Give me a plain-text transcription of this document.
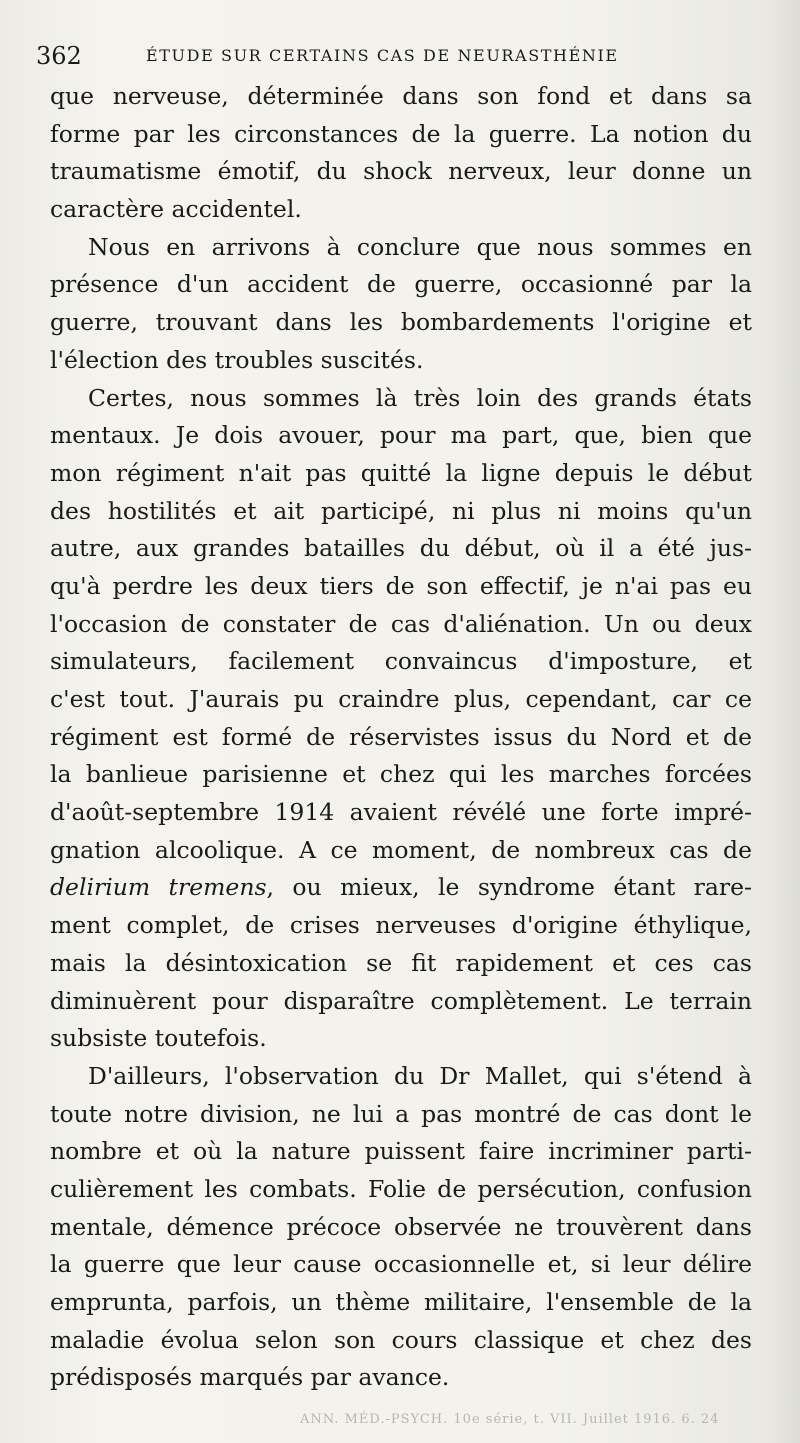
362	ÉTUDE SUR CERTAINS CAS DE NEURASTHÉNIE
que nerveuse, déterminée dans son fond et dans sa
forme par les circonstances de la guerre. La notion du
traumatisme émotif, du shock nerveux, leur donne un
caractère accidentel.
Nous en arrivons à conclure que nous sommes en
présence d'un accident de guerre, occasionné par la
guerre, trouvant dans les bombardements l'origine et
l'élection des troubles suscités.
Certes, nous sommes là très loin des grands états
mentaux. Je dois avouer, pour ma part, que, bien que
mon régiment n'ait pas quitté la ligne depuis le début
des hostilités et ait participé, ni plus ni moins qu'un
autre, aux grandes batailles du début, où il a été jus-
qu'à perdre les deux tiers de son effectif, je n'ai pas eu
l'occasion de constater de cas d'aliénation. Un ou deux
simulateurs, facilement convaincus d'imposture, et
c'est tout. J'aurais pu craindre plus, cependant, car ce
régiment est formé de réservistes issus du Nord et de
la banlieue parisienne et chez qui les marches forcées
d'août-septembre 1914 avaient révélé une forte impré-
gnation alcoolique. A ce moment, de nombreux cas de
delirium tremens, ou mieux, le syndrome étant rare-
ment complet, de crises nerveuses d'origine éthylique,
mais la désintoxication se fit rapidement et ces cas
diminuèrent pour disparaître complètement. Le terrain
subsiste toutefois.
D'ailleurs, l'observation du Dr Mallet, qui s'étend à
toute notre division, ne lui a pas montré de cas dont le
nombre et où la nature puissent faire incriminer parti-
culièrement les combats. Folie de persécution, confusion
mentale, démence précoce observée ne trouvèrent dans
la guerre que leur cause occasionnelle et, si leur délire
emprunta, parfois, un thème militaire, l'ensemble de la
maladie évolua selon son cours classique et chez des
prédisposés marqués par avance.
ANN. MÉD.-PSYCH. 10e série, t. VII. Juillet 1916. 6. 24
